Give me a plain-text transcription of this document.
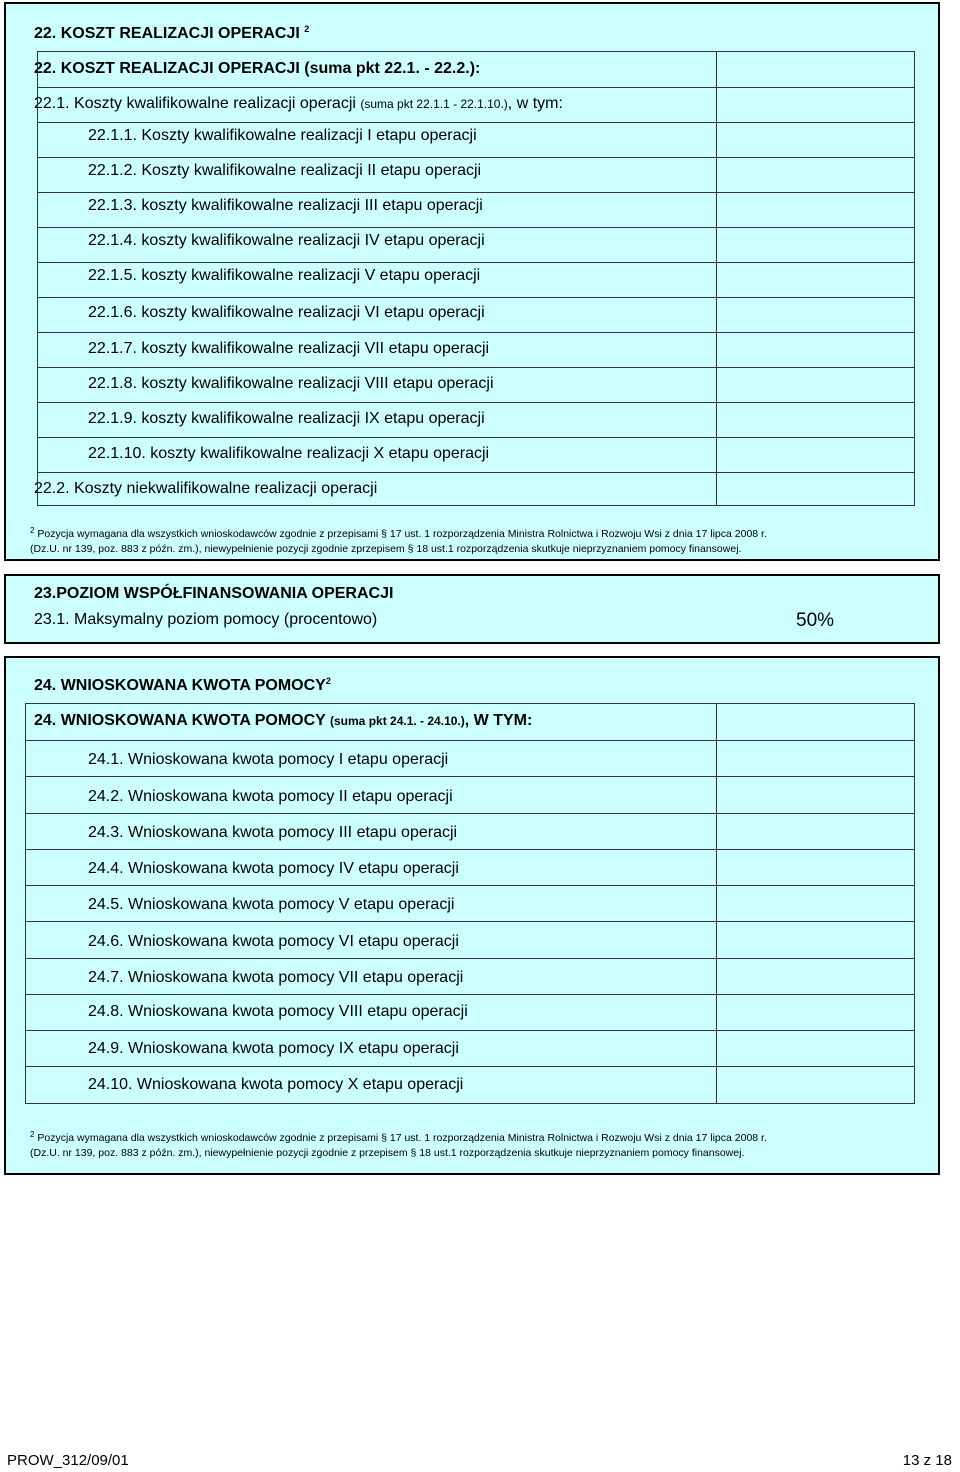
22. KOSZT REALIZACJI OPERACJI $^2$
22. KOSZT REALIZACJI OPERACJI (suma pkt 22.1. - 22.2.):
22.1. Koszty kwalifikowalne realizacji operacji (suma pkt 22.1.1 - 22.1.10.), w tym:
22.1.1. Koszty kwalifikowalne realizacji I etapu operacji
22.1.2. Koszty kwalifikowalne realizacji II etapu operacji
22.1.3. koszty kwalifikowalne realizacji III etapu operacji
22.1.4. koszty kwalifikowalne realizacji IV etapu operacji
22.1.5. koszty kwalifikowalne realizacji V etapu operacji
22.1.6. koszty kwalifikowalne realizacji VI etapu operacji
22.1.7. koszty kwalifikowalne realizacji VII etapu operacji
22.1.8. koszty kwalifikowalne realizacji VIII etapu operacji
22.1.9. koszty kwalifikowalne realizacji IX etapu operacji
22.1.10. koszty kwalifikowalne realizacji X etapu operacji
22.2. Koszty niekwalifikowalne realizacji operacji
$^2$ Pozycja wymagana dla wszystkich wnioskodawców zgodnie z przepisami § 17 ust. 1 rozporządzenia Ministra Rolnictwa i Rozwoju Wsi z dnia 17 lipca 2008 r.
(Dz.U. nr 139, poz. 883 z późn. zm.), niewypełnienie pozycji zgodnie zprzepisem § 18 ust.1 rozporządzenia skutkuje nieprzyznaniem pomocy finansowej.
23.POZIOM WSPÓŁFINANSOWANIA OPERACJI
23.1. Maksymalny poziom pomocy (procentowo)	50%
24. WNIOSKOWANA KWOTA POMOCY$^2$
24. WNIOSKOWANA KWOTA POMOCY (suma pkt 24.1. - 24.10.), W TYM:
24.1. Wnioskowana kwota pomocy I etapu operacji
24.2. Wnioskowana kwota pomocy II etapu operacji
24.3. Wnioskowana kwota pomocy III etapu operacji
24.4. Wnioskowana kwota pomocy IV etapu operacji
24.5. Wnioskowana kwota pomocy V etapu operacji
24.6. Wnioskowana kwota pomocy VI etapu operacji
24.7. Wnioskowana kwota pomocy VII etapu operacji
24.8. Wnioskowana kwota pomocy VIII etapu operacji
24.9. Wnioskowana kwota pomocy IX etapu operacji
24.10. Wnioskowana kwota pomocy X etapu operacji
$^2$ Pozycja wymagana dla wszystkich wnioskodawców zgodnie z przepisami § 17 ust. 1 rozporządzenia Ministra Rolnictwa i Rozwoju Wsi z dnia 17 lipca 2008 r.
(Dz.U. nr 139, poz. 883 z późn. zm.), niewypełnienie pozycji zgodnie z przepisem § 18 ust.1 rozporządzenia skutkuje nieprzyznaniem pomocy finansowej.
PROW_312/09/01	13 z 18
